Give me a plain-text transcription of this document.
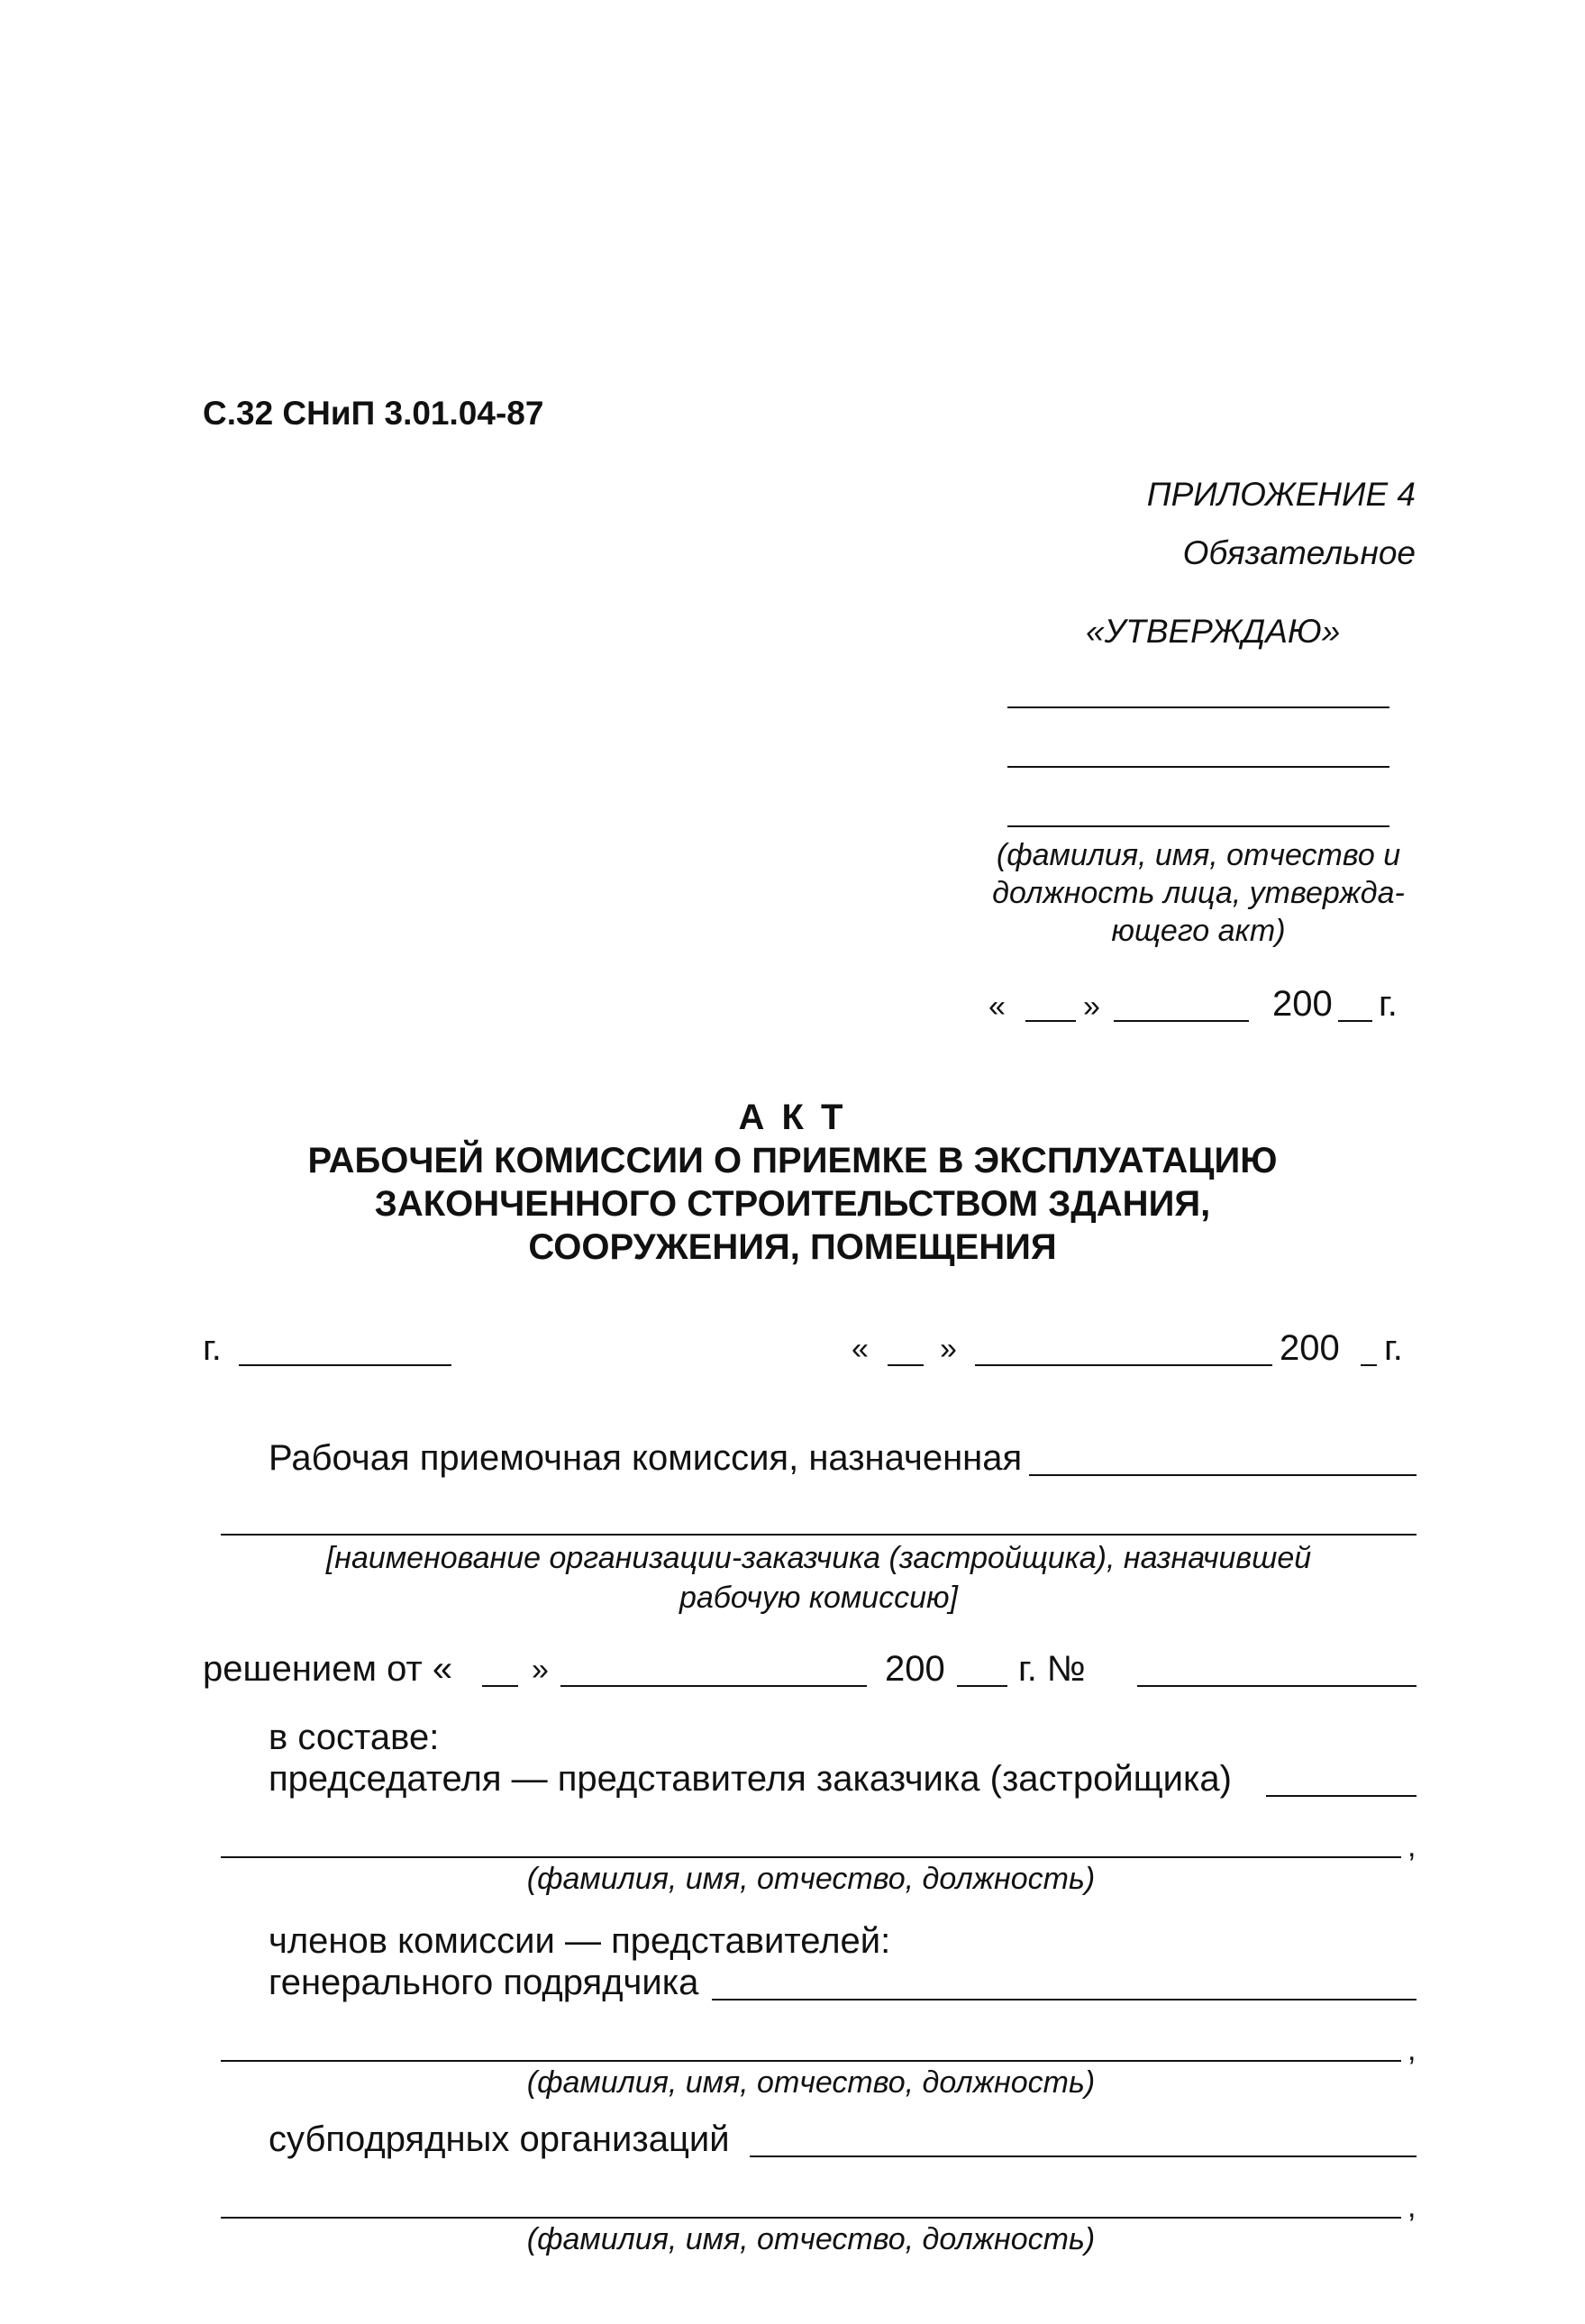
С.32 СНиП 3.01.04-87
ПРИЛОЖЕНИЕ 4
Обязательное
«УТВЕРЖДАЮ»
(фамилия, имя, отчество и
должность лица, утвержда-
ющего акт)
«	»	200 г.
А К Т
РАБОЧЕЙ КОМИССИИ О ПРИЕМКЕ В ЭКСПЛУАТАЦИЮ
ЗАКОНЧЕННОГО СТРОИТЕЛЬСТВОМ ЗДАНИЯ,
СООРУЖЕНИЯ, ПОМЕЩЕНИЯ
г.	« »	200 г.
Рабочая приемочная комиссия, назначенная
[наименование организации-заказчика (застройщика), назначившей
рабочую комиссию]
решением от «	»	200 г. №
в составе:
председателя — представителя заказчика (застройщика)
,
(фамилия, имя, отчество, должность)
членов комиссии — представителей:
генерального подрядчика
,
(фамилия, имя, отчество, должность)
субподрядных организаций
,
(фамилия, имя, отчество, должность)
